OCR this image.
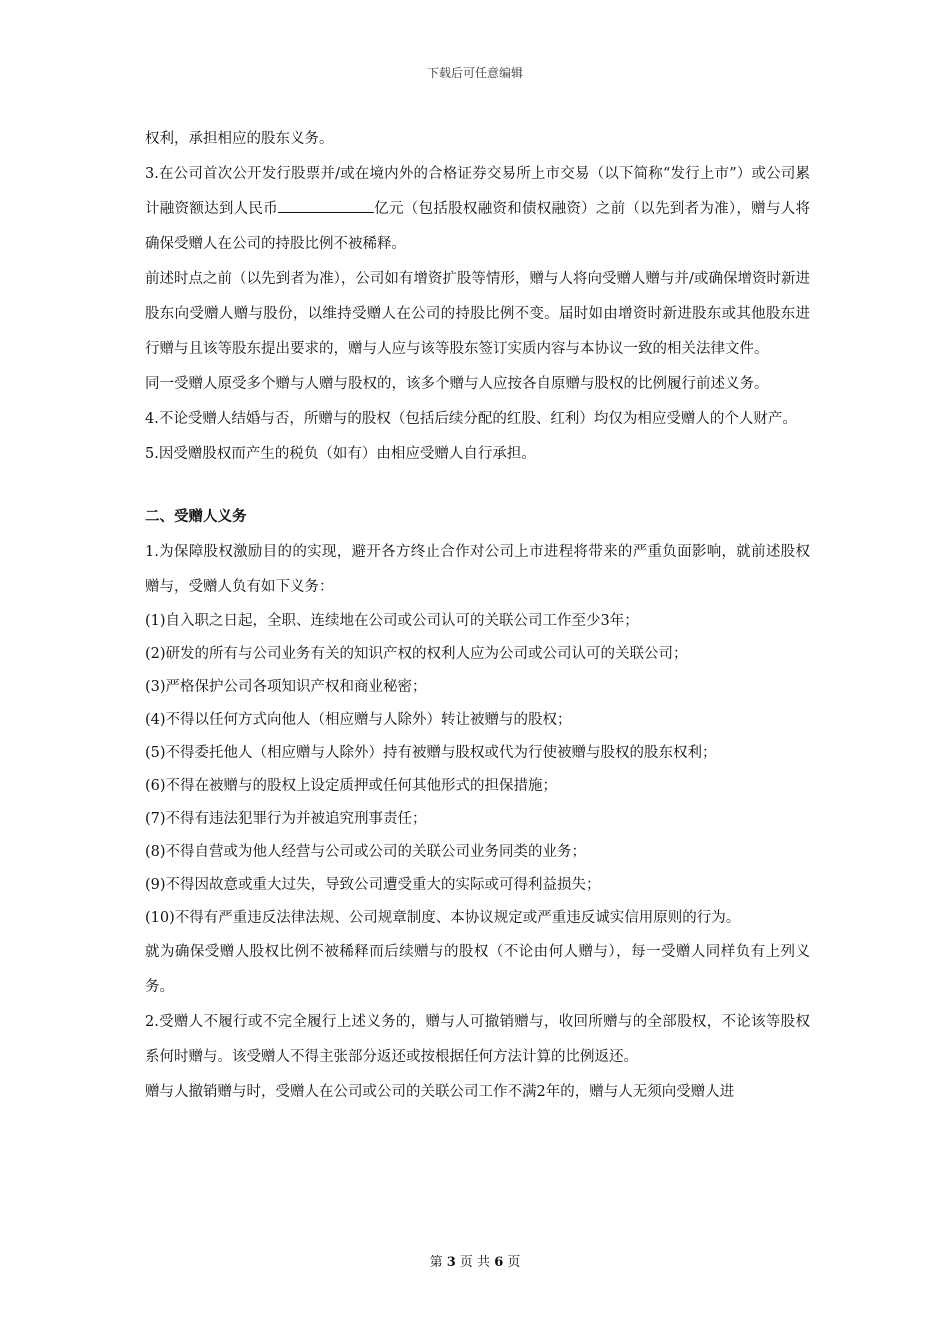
下载后可任意编辑

权利，承担相应的股东义务。

3.在公司首次公开发行股票并/或在境内外的合格证券交易所上市交易（以下简称“发行上市”）或公司累计融资额达到人民币	亿元（包括股权融资和债权融资）之前（以先到者为准），赠与人将确保受赠人在公司的持股比例不被稀释。

前述时点之前（以先到者为准），公司如有增资扩股等情形，赠与人将向受赠人赠与并/或确保增资时新进股东向受赠人赠与股份，以维持受赠人在公司的持股比例不变。届时如由增资时新进股东或其他股东进行赠与且该等股东提出要求的，赠与人应与该等股东签订实质内容与本协议一致的相关法律文件。

同一受赠人原受多个赠与人赠与股权的，该多个赠与人应按各自原赠与股权的比例履行前述义务。

4.不论受赠人结婚与否，所赠与的股权（包括后续分配的红股、红利）均仅为相应受赠人的个人财产。

5.因受赠股权而产生的税负（如有）由相应受赠人自行承担。

二、受赠人义务

1.为保障股权激励目的的实现，避开各方终止合作对公司上市进程将带来的严重负面影响，就前述股权赠与，受赠人负有如下义务：

(1)自入职之日起，全职、连续地在公司或公司认可的关联公司工作至少3年；

(2)研发的所有与公司业务有关的知识产权的权利人应为公司或公司认可的关联公司；

(3)严格保护公司各项知识产权和商业秘密；

(4)不得以任何方式向他人（相应赠与人除外）转让被赠与的股权；

(5)不得委托他人（相应赠与人除外）持有被赠与股权或代为行使被赠与股权的股东权利；

(6)不得在被赠与的股权上设定质押或任何其他形式的担保措施；

(7)不得有违法犯罪行为并被追究刑事责任；

(8)不得自营或为他人经营与公司或公司的关联公司业务同类的业务；

(9)不得因故意或重大过失，导致公司遭受重大的实际或可得利益损失；

(10)不得有严重违反法律法规、公司规章制度、本协议规定或严重违反诚实信用原则的行为。

就为确保受赠人股权比例不被稀释而后续赠与的股权（不论由何人赠与），每一受赠人同样负有上列义务。

2.受赠人不履行或不完全履行上述义务的，赠与人可撤销赠与，收回所赠与的全部股权，不论该等股权系何时赠与。该受赠人不得主张部分返还或按根据任何方法计算的比例返还。

赠与人撤销赠与时，受赠人在公司或公司的关联公司工作不满2年的，赠与人无须向受赠人进

第 3 页 共 6 页
